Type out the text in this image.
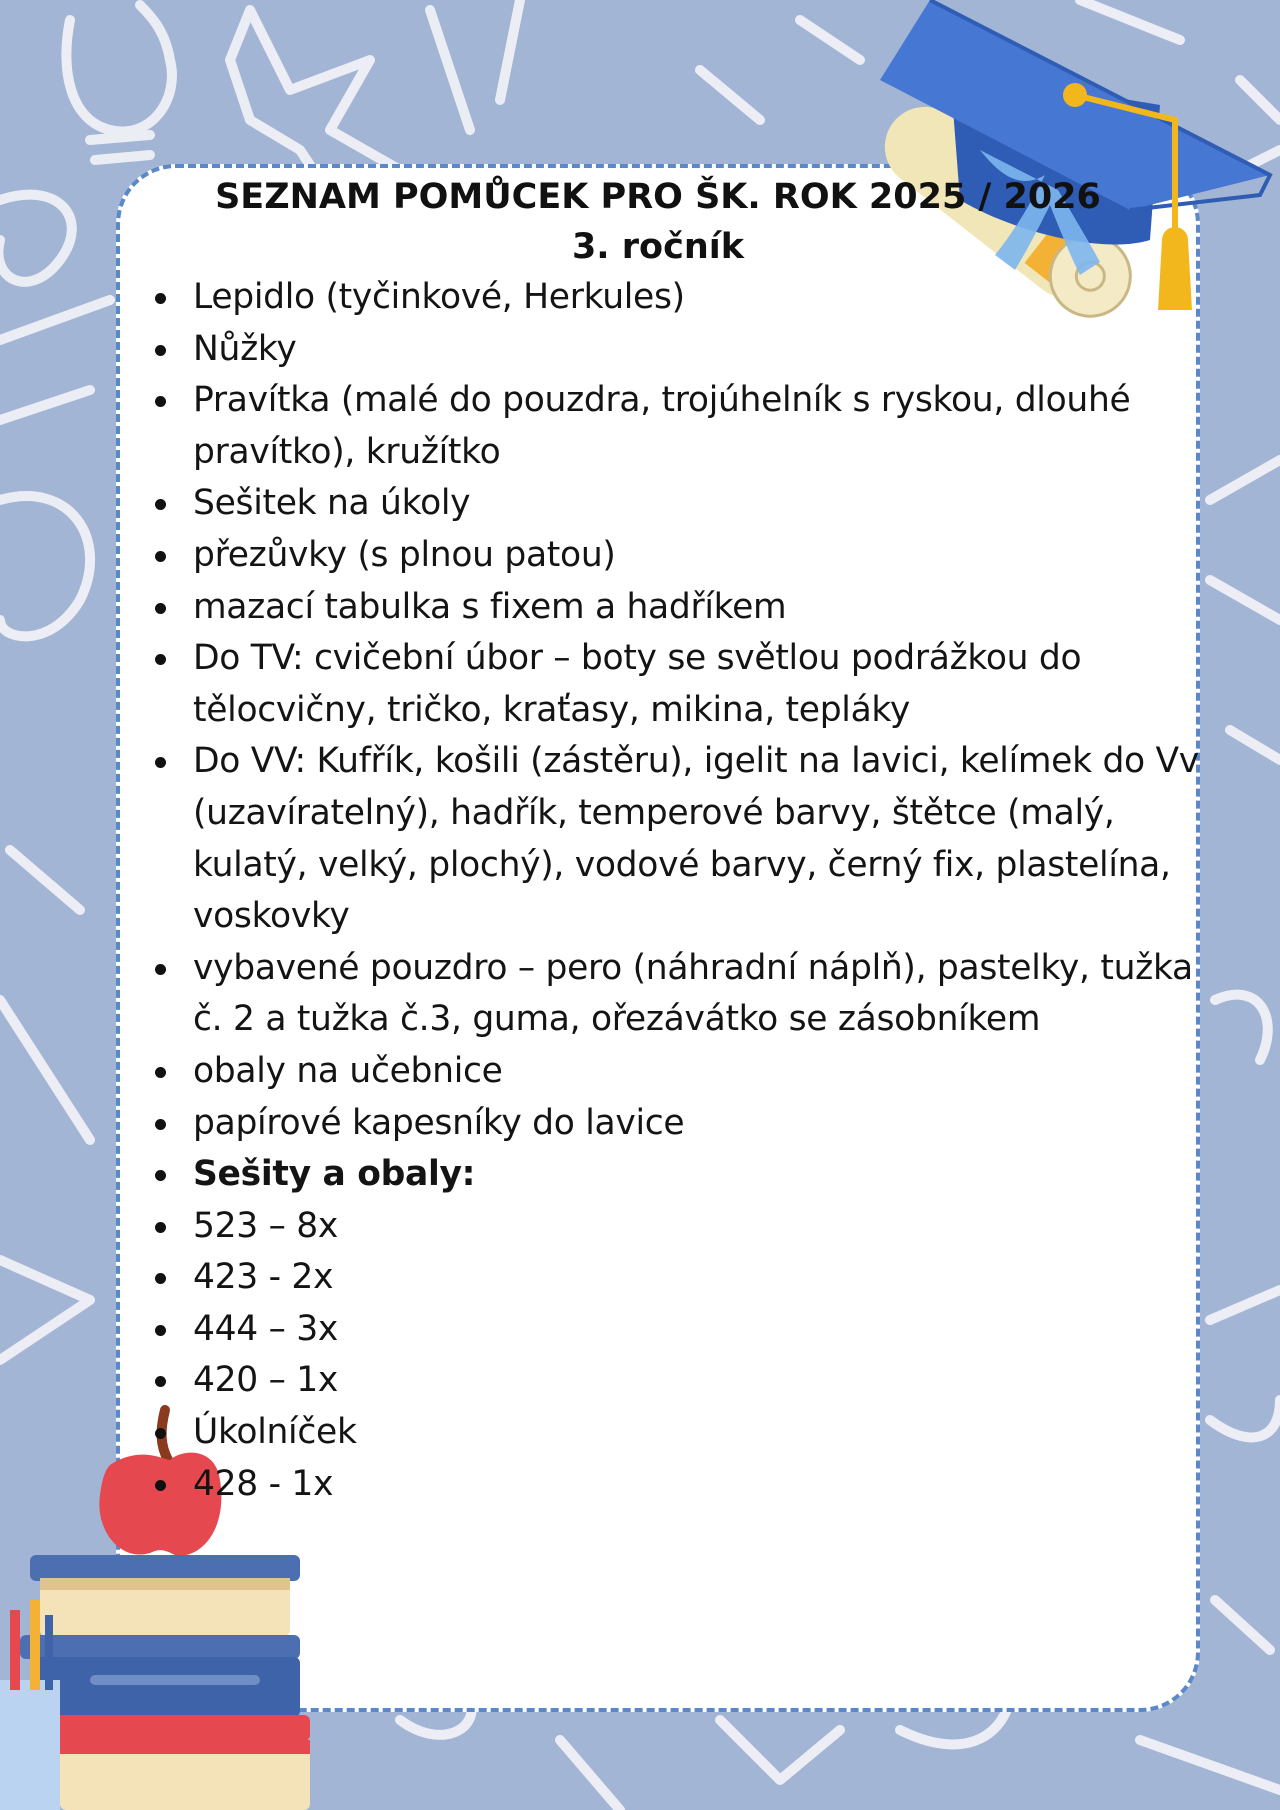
SEZNAM POMŮCEK PRO ŠK. ROK 2025 / 2026
3. ročník
Lepidlo (tyčinkové, Herkules)
Nůžky
Pravítka (malé do pouzdra, trojúhelník s ryskou, dlouhé pravítko), kružítko
Sešitek na úkoly
přezůvky (s plnou patou)
mazací tabulka s fixem a hadříkem
Do TV: cvičební úbor – boty se světlou podrážkou do tělocvičny, tričko, kraťasy, mikina, tepláky
Do VV: Kufřík, košili (zástěru), igelit na lavici, kelímek do Vv (uzavíratelný), hadřík, temperové barvy, štětce (malý, kulatý, velký, plochý), vodové barvy, černý fix, plastelína, voskovky
vybavené pouzdro – pero (náhradní náplň), pastelky, tužka č. 2 a tužka č.3, guma, ořezávátko se zásobníkem
obaly na učebnice
papírové kapesníky do lavice
Sešity a obaly:
523 – 8x
423 - 2x
444 – 3x
420 – 1x
Úkolníček
428 - 1x
